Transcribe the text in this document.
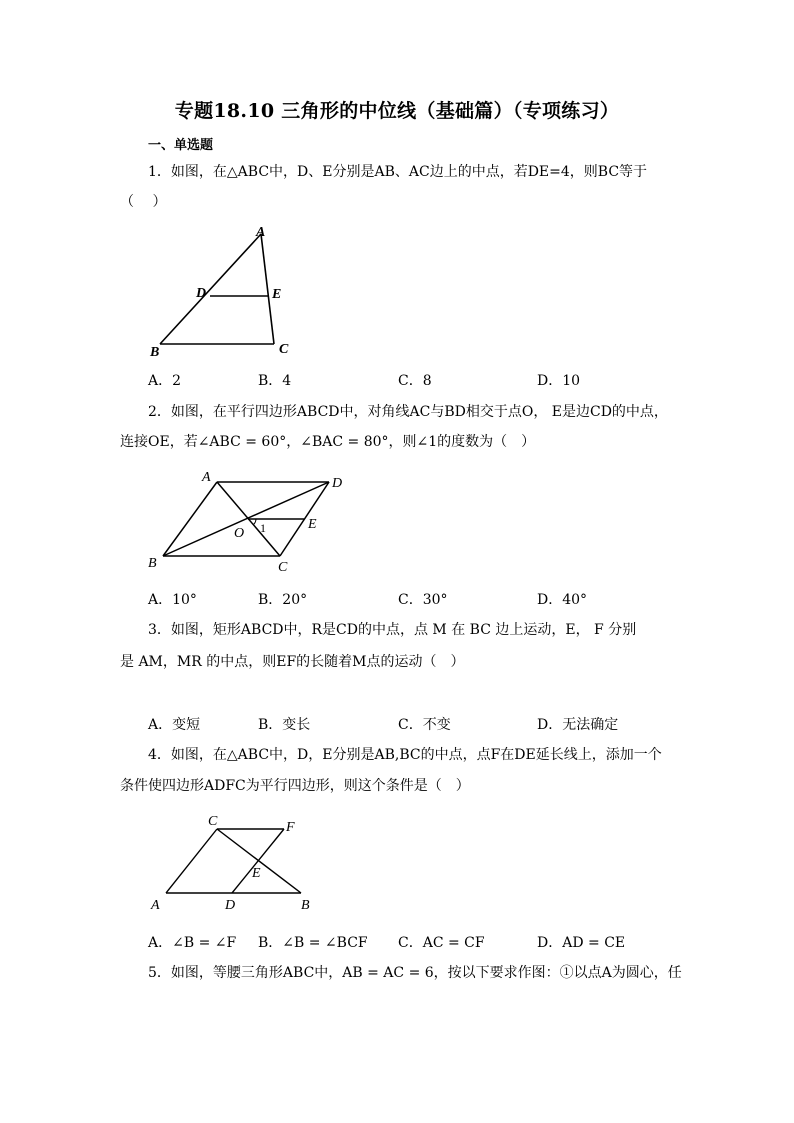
专题18.10 三角形的中位线（基础篇）（专项练习）
一、单选题
1．如图，在△ABC中，D、E分别是AB、AC边上的中点，若DE=4，则BC等于
（　 ）
A
D	E
B	C
A．2	B．4	C．8	D．10
2．如图，在平行四边形ABCD中，对角线AC与BD相交于点O， E是边CD的中点，
连接OE，若∠ABC = 60°，∠BAC = 80°，则∠1的度数为（　）
A	D
E
O 1
B	C
A．10°	B．20°	C．30°	D．40°
3．如图，矩形ABCD中，R是CD的中点，点 M 在 BC 边上运动，E， F 分别
是 AM，MR 的中点，则EF的长随着M点的运动（　）
A．变短	B．变长	C．不变	D．无法确定
4．如图，在△ABC中，D，E分别是AB,BC的中点，点F在DE延长线上，添加一个
条件使四边形ADFC为平行四边形，则这个条件是（　）
C	F
E
A	D	B
A．∠B = ∠F B．∠B = ∠BCF C．AC = CF	D．AD = CE
5．如图，等腰三角形ABC中，AB = AC = 6，按以下要求作图：①以点A为圆心，任
